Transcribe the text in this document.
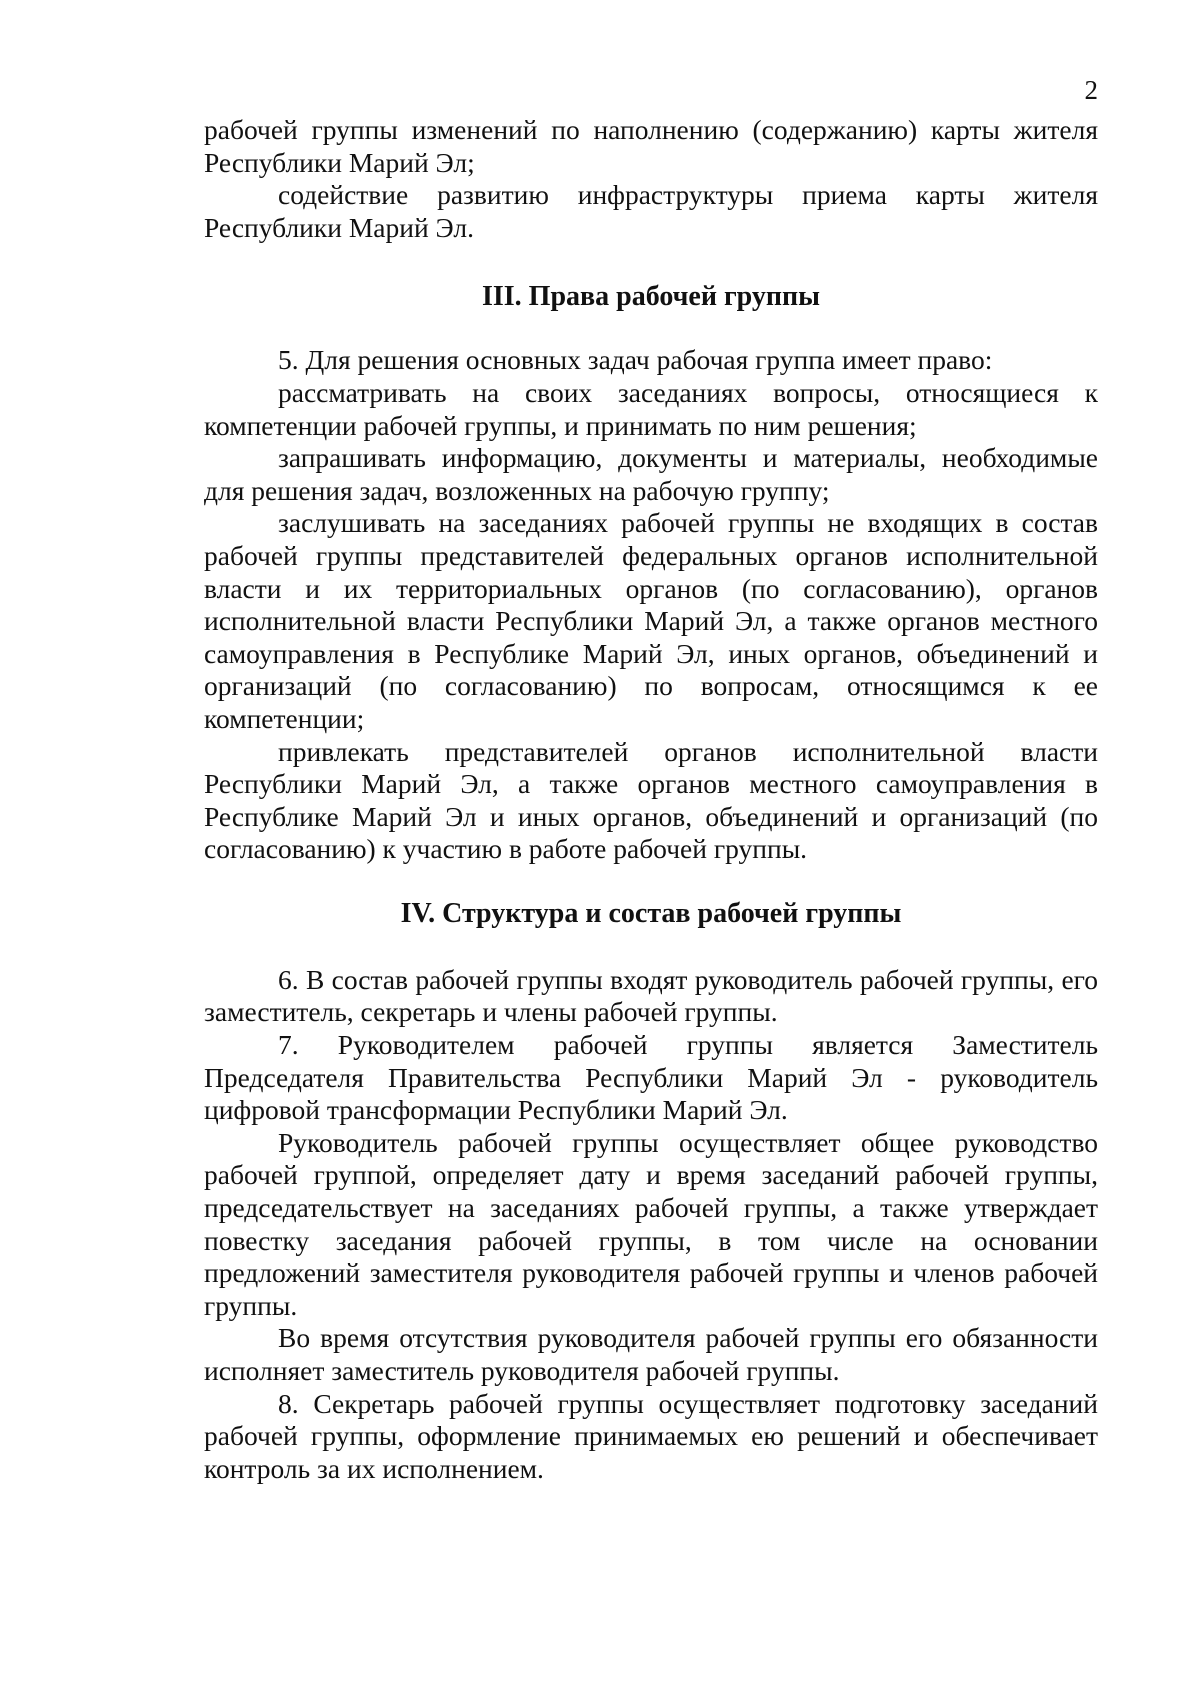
2

рабочей группы изменений по наполнению (содержанию) карты жителя Республики Марий Эл;

содействие развитию инфраструктуры приема карты жителя Республики Марий Эл.

III. Права рабочей группы

5. Для решения основных задач рабочая группа имеет право:

рассматривать на своих заседаниях вопросы, относящиеся к компетенции рабочей группы, и принимать по ним решения;

запрашивать информацию, документы и материалы, необходимые для решения задач, возложенных на рабочую группу;

заслушивать на заседаниях рабочей группы не входящих в состав рабочей группы представителей федеральных органов исполнительной власти и их территориальных органов (по согласованию), органов исполнительной власти Республики Марий Эл, а также органов местного самоуправления в Республике Марий Эл, иных органов, объединений и организаций (по согласованию) по вопросам, относящимся к ее компетенции;

привлекать представителей органов исполнительной власти Республики Марий Эл, а также органов местного самоуправления в Республике Марий Эл и иных органов, объединений и организаций (по согласованию) к участию в работе рабочей группы.

IV. Структура и состав рабочей группы

6. В состав рабочей группы входят руководитель рабочей группы, его заместитель, секретарь и члены рабочей группы.

7. Руководителем рабочей группы является Заместитель Председателя Правительства Республики Марий Эл - руководитель цифровой трансформации Республики Марий Эл.

Руководитель рабочей группы осуществляет общее руководство рабочей группой, определяет дату и время заседаний рабочей группы, председательствует на заседаниях рабочей группы, а также утверждает повестку заседания рабочей группы, в том числе на основании предложений заместителя руководителя рабочей группы и членов рабочей группы.

Во время отсутствия руководителя рабочей группы его обязанности исполняет заместитель руководителя рабочей группы.

8. Секретарь рабочей группы осуществляет подготовку заседаний рабочей группы, оформление принимаемых ею решений и обеспечивает контроль за их исполнением.
